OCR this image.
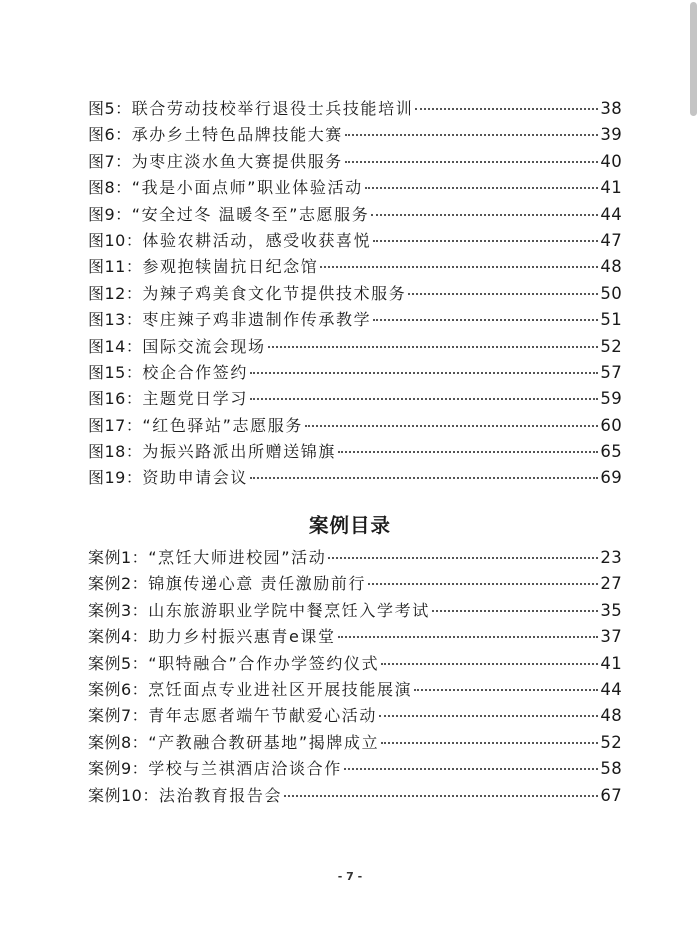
图5： 联合劳动技校举行退役士兵技能培训	38
图6： 承办乡土特色品牌技能大赛	39
图7： 为枣庄淡水鱼大赛提供服务	40
图8： “我是小面点师”职业体验活动	41
图9： “安全过冬 温暖冬至”志愿服务	44
图10： 体验农耕活动，感受收获喜悦	47
图11： 参观抱犊崮抗日纪念馆	48
图12： 为辣子鸡美食文化节提供技术服务	50
图13： 枣庄辣子鸡非遗制作传承教学	51
图14： 国际交流会现场	52
图15： 校企合作签约	57
图16： 主题党日学习	59
图17： “红色驿站”志愿服务	60
图18： 为振兴路派出所赠送锦旗	65
图19： 资助申请会议	69
案例目录
案例1： “烹饪大师进校园”活动	23
案例2： 锦旗传递心意 责任激励前行	27
案例3： 山东旅游职业学院中餐烹饪入学考试	35
案例4： 助力乡村振兴惠青e课堂	37
案例5： “职特融合”合作办学签约仪式	41
案例6： 烹饪面点专业进社区开展技能展演	44
案例7： 青年志愿者端午节献爱心活动	48
案例8： “产教融合教研基地”揭牌成立	52
案例9： 学校与兰祺酒店洽谈合作	58
案例10： 法治教育报告会	67
- 7 -
